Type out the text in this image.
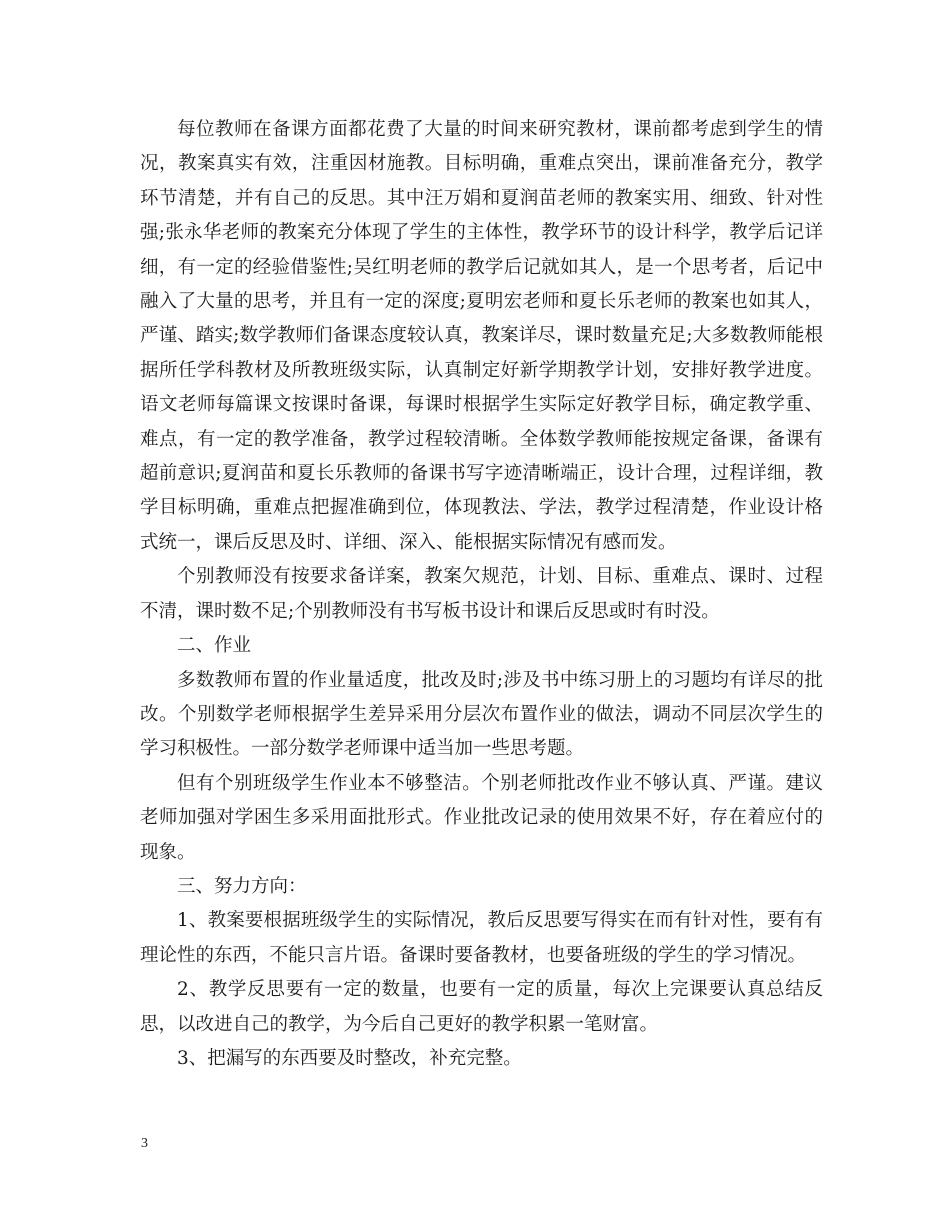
每位教师在备课方面都花费了大量的时间来研究教材，课前都考虑到学生的情况，教案真实有效，注重因材施教。目标明确，重难点突出，课前准备充分，教学环节清楚，并有自己的反思。其中汪万娟和夏润苗老师的教案实用、细致、针对性强;张永华老师的教案充分体现了学生的主体性，教学环节的设计科学，教学后记详细，有一定的经验借鉴性;吴红明老师的教学后记就如其人，是一个思考者，后记中融入了大量的思考，并且有一定的深度;夏明宏老师和夏长乐老师的教案也如其人，严谨、踏实;数学教师们备课态度较认真，教案详尽，课时数量充足;大多数教师能根据所任学科教材及所教班级实际，认真制定好新学期教学计划，安排好教学进度。语文老师每篇课文按课时备课，每课时根据学生实际定好教学目标，确定教学重、难点，有一定的教学准备，教学过程较清晰。全体数学教师能按规定备课，备课有超前意识;夏润苗和夏长乐教师的备课书写字迹清晰端正，设计合理，过程详细，教学目标明确，重难点把握准确到位，体现教法、学法，教学过程清楚，作业设计格式统一，课后反思及时、详细、深入、能根据实际情况有感而发。

个别教师没有按要求备详案，教案欠规范，计划、目标、重难点、课时、过程不清，课时数不足;个别教师没有书写板书设计和课后反思或时有时没。

二、作业

多数教师布置的作业量适度，批改及时;涉及书中练习册上的习题均有详尽的批改。个别数学老师根据学生差异采用分层次布置作业的做法，调动不同层次学生的学习积极性。一部分数学老师课中适当加一些思考题。

但有个别班级学生作业本不够整洁。个别老师批改作业不够认真、严谨。建议老师加强对学困生多采用面批形式。作业批改记录的使用效果不好，存在着应付的现象。

三、努力方向：

1、教案要根据班级学生的实际情况，教后反思要写得实在而有针对性，要有有理论性的东西，不能只言片语。备课时要备教材，也要备班级的学生的学习情况。

2、教学反思要有一定的数量，也要有一定的质量，每次上完课要认真总结反思，以改进自己的教学，为今后自己更好的教学积累一笔财富。

3、把漏写的东西要及时整改，补充完整。

3
